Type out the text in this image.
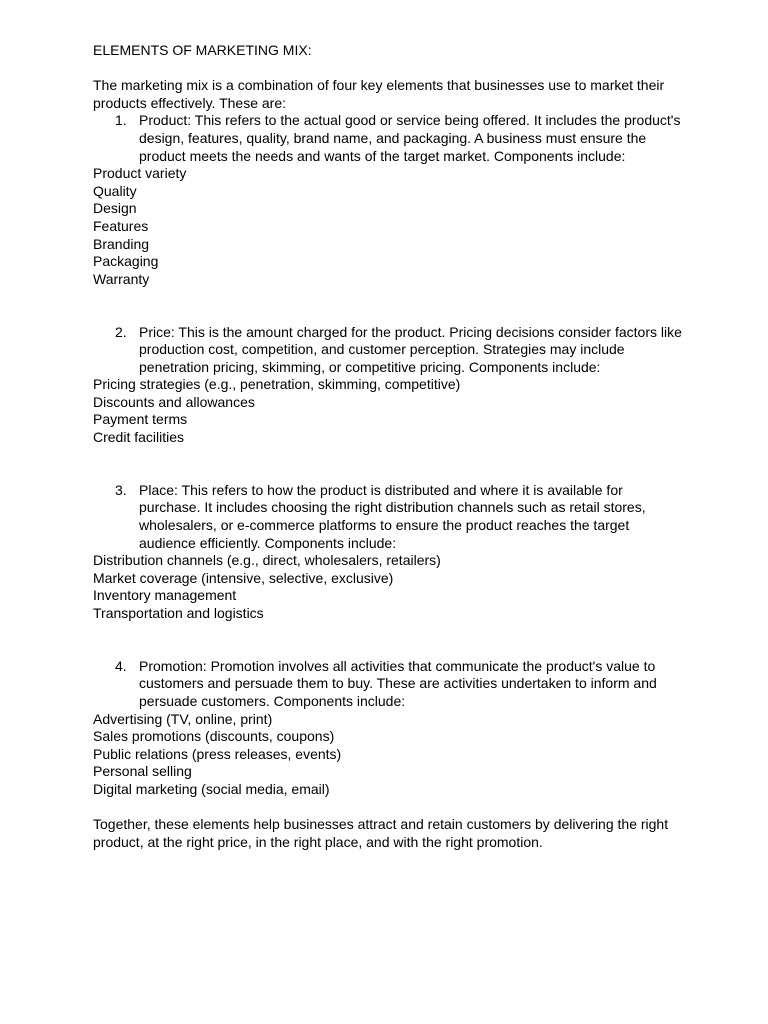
ELEMENTS OF MARKETING MIX:

The marketing mix is a combination of four key elements that businesses use to market their products effectively. These are:

1. Product: This refers to the actual good or service being offered. It includes the product's design, features, quality, brand name, and packaging. A business must ensure the product meets the needs and wants of the target market. Components include:
Product variety
Quality
Design
Features
Branding
Packaging
Warranty
2. Price: This is the amount charged for the product. Pricing decisions consider factors like production cost, competition, and customer perception. Strategies may include penetration pricing, skimming, or competitive pricing. Components include:
Pricing strategies (e.g., penetration, skimming, competitive)
Discounts and allowances
Payment terms
Credit facilities
3. Place: This refers to how the product is distributed and where it is available for purchase. It includes choosing the right distribution channels such as retail stores, wholesalers, or e-commerce platforms to ensure the product reaches the target audience efficiently. Components include:
Distribution channels (e.g., direct, wholesalers, retailers)
Market coverage (intensive, selective, exclusive)
Inventory management
Transportation and logistics
4. Promotion: Promotion involves all activities that communicate the product's value to customers and persuade them to buy. These are activities undertaken to inform and persuade customers. Components include:
Advertising (TV, online, print)
Sales promotions (discounts, coupons)
Public relations (press releases, events)
Personal selling
Digital marketing (social media, email)

Together, these elements help businesses attract and retain customers by delivering the right product, at the right price, in the right place, and with the right promotion.
